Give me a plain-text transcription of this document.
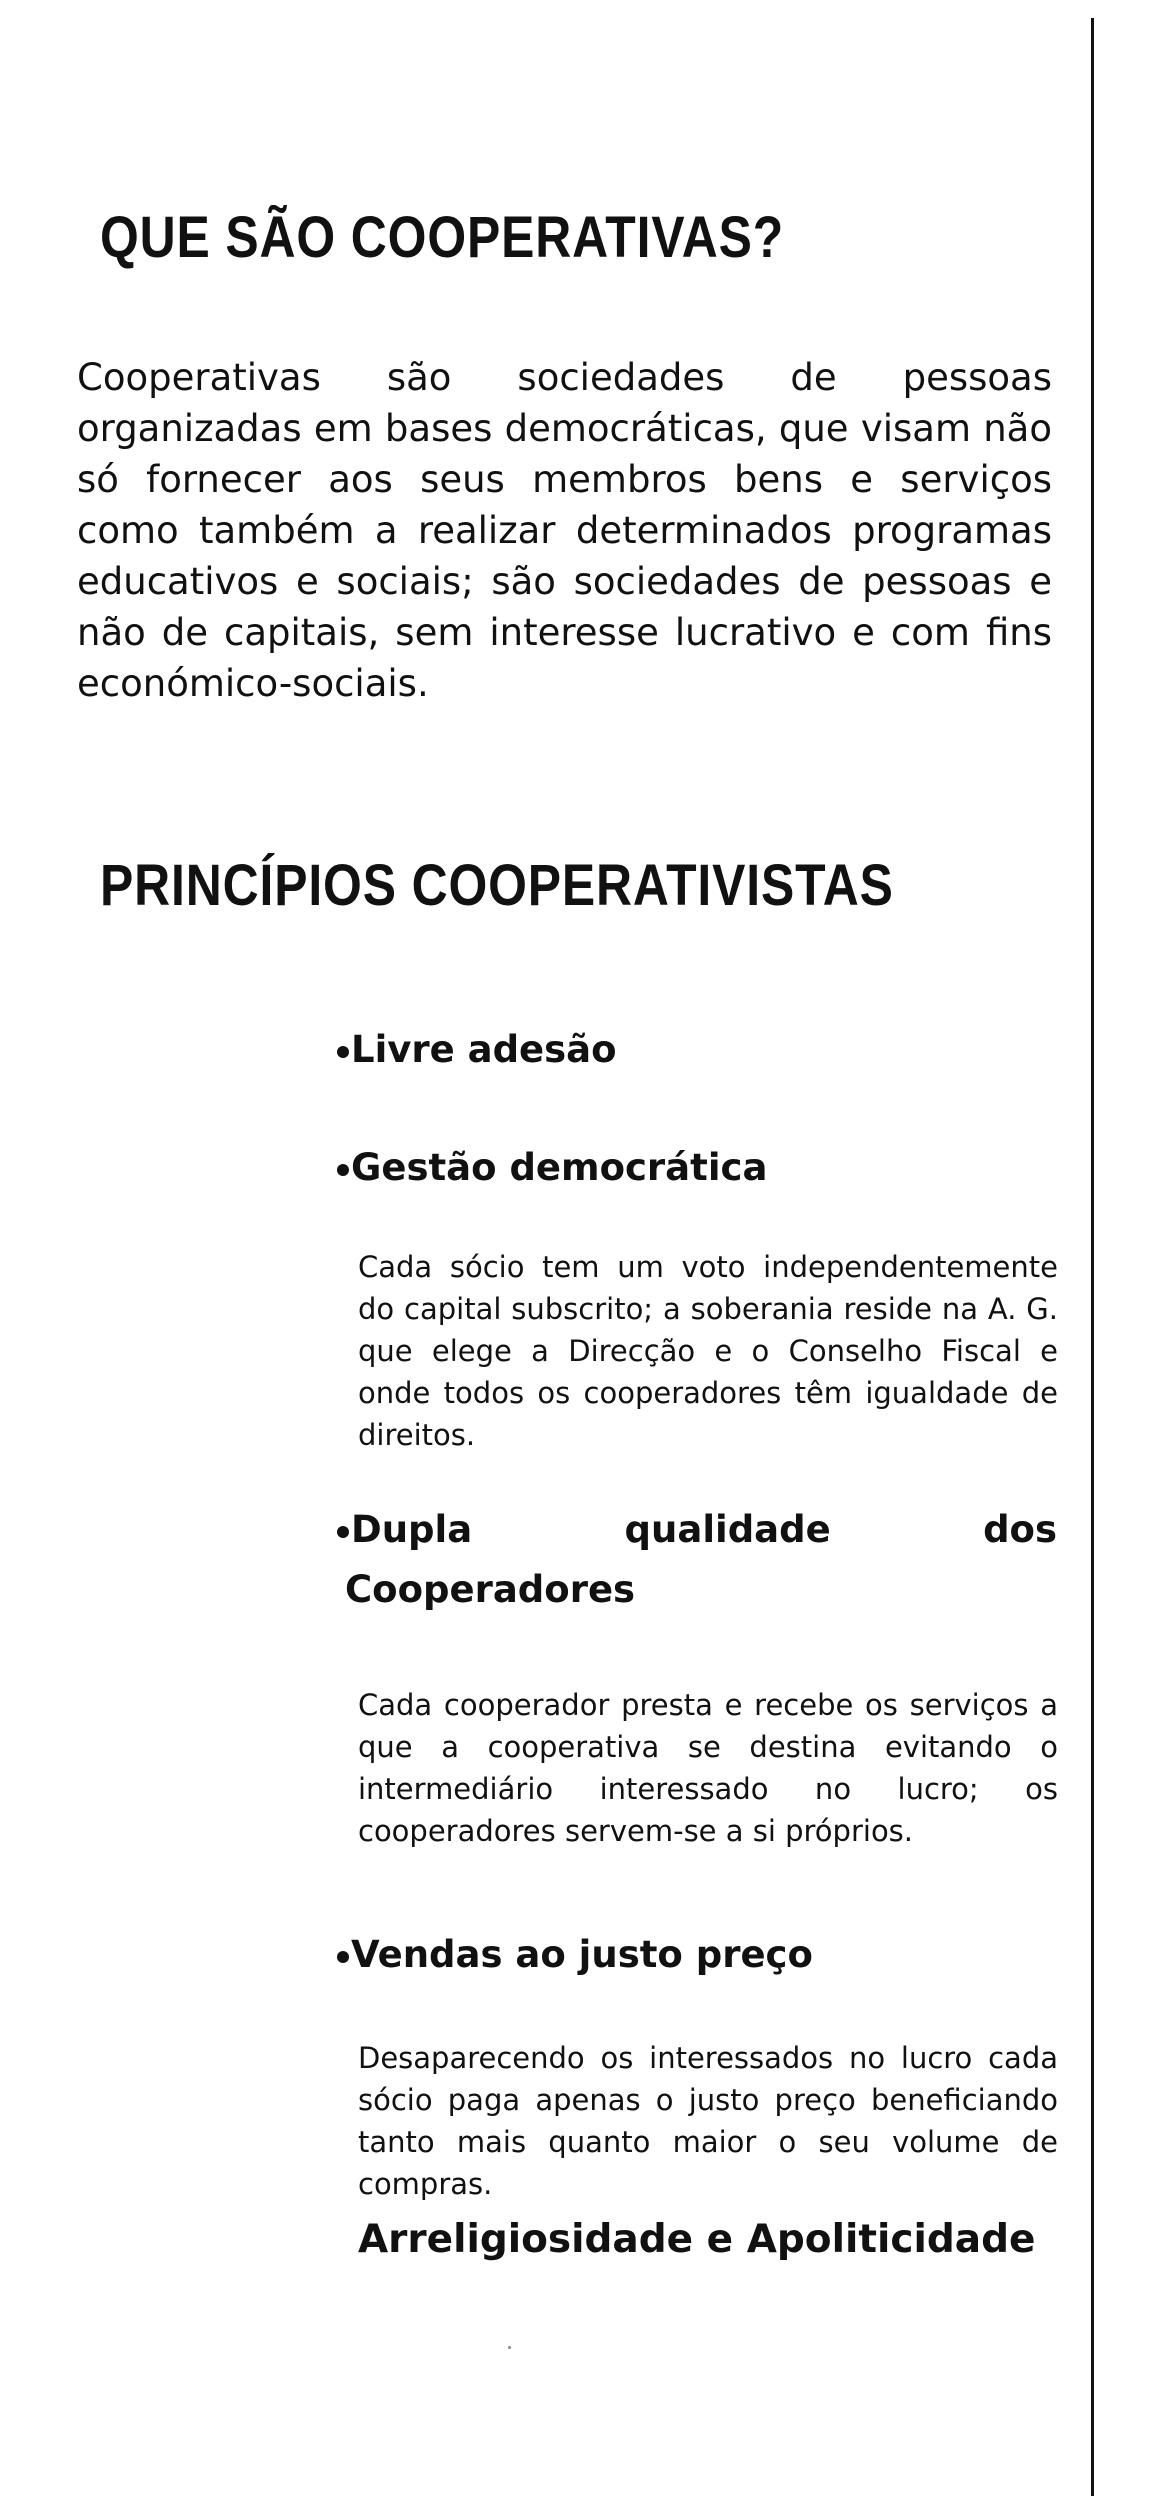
QUE SÃO COOPERATIVAS?

Cooperativas são sociedades de pessoas organizadas em bases democráticas, que visam não só fornecer aos seus membros bens e serviços como também a realizar determinados programas educativos e sociais; são sociedades de pessoas e não de capitais, sem interesse lucrativo e com fins económico-sociais.

PRINCÍPIOS COOPERATIVISTAS

Livre adesão

Gestão democrática

Cada sócio tem um voto independentemente do capital subscrito; a soberania reside na A. G. que elege a Direcção e o Conselho Fiscal e onde todos os cooperadores têm igualdade de direitos.

Dupla qualidade dos Cooperadores

Cada cooperador presta e recebe os serviços a que a cooperativa se destina evitando o intermediário interessado no lucro; os cooperadores servem-se a si próprios.

Vendas ao justo preço

Desaparecendo os interessados no lucro cada sócio paga apenas o justo preço beneficiando tanto mais quanto maior o seu volume de compras.

Arreligiosidade e Apoliticidade
